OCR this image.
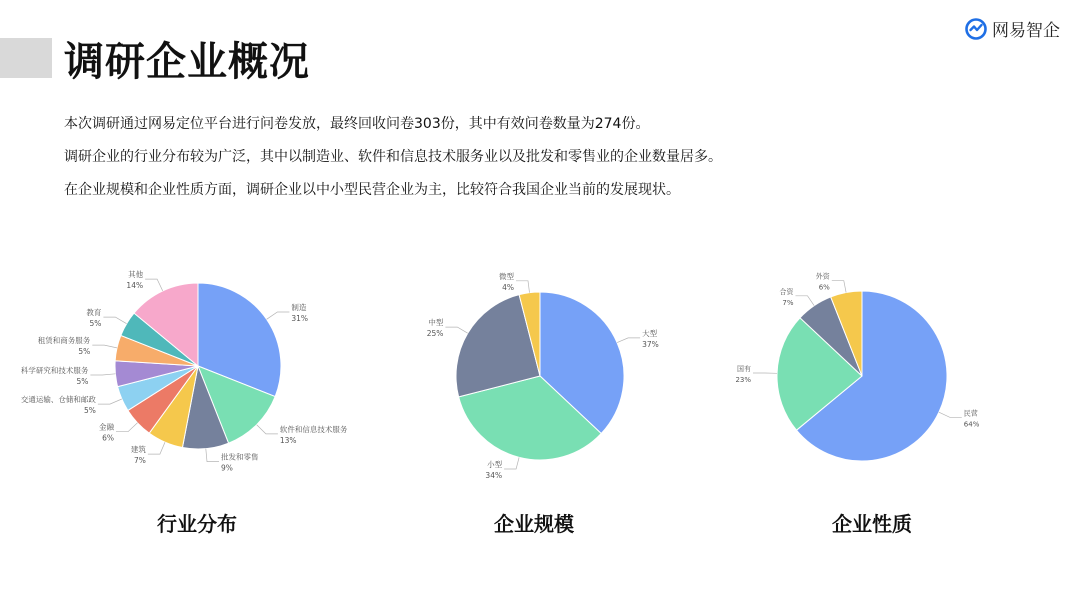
调研企业概况
网易智企

本次调研通过网易定位平台进行问卷发放，最终回收问卷303份，其中有效问卷数量为274份。

调研企业的行业分布较为广泛，其中以制造业、软件和信息技术服务业以及批发和零售业的企业数量居多。

在企业规模和企业性质方面，调研企业以中小型民营企业为主，比较符合我国企业当前的发展现状。

制造
31%
软件和信息技术服务
13%
批发和零售
9%
建筑
7%
金融
6%
交通运输、仓储和邮政
5%
科学研究和技术服务
5%
租赁和商务服务
5%
教育
5%
其他
14%
大型
37%
小型
34%
中型
25%
微型
4%
民营
64%
国有
23%
合资
7%
外资
6%
行业分布	企业规模	企业性质
